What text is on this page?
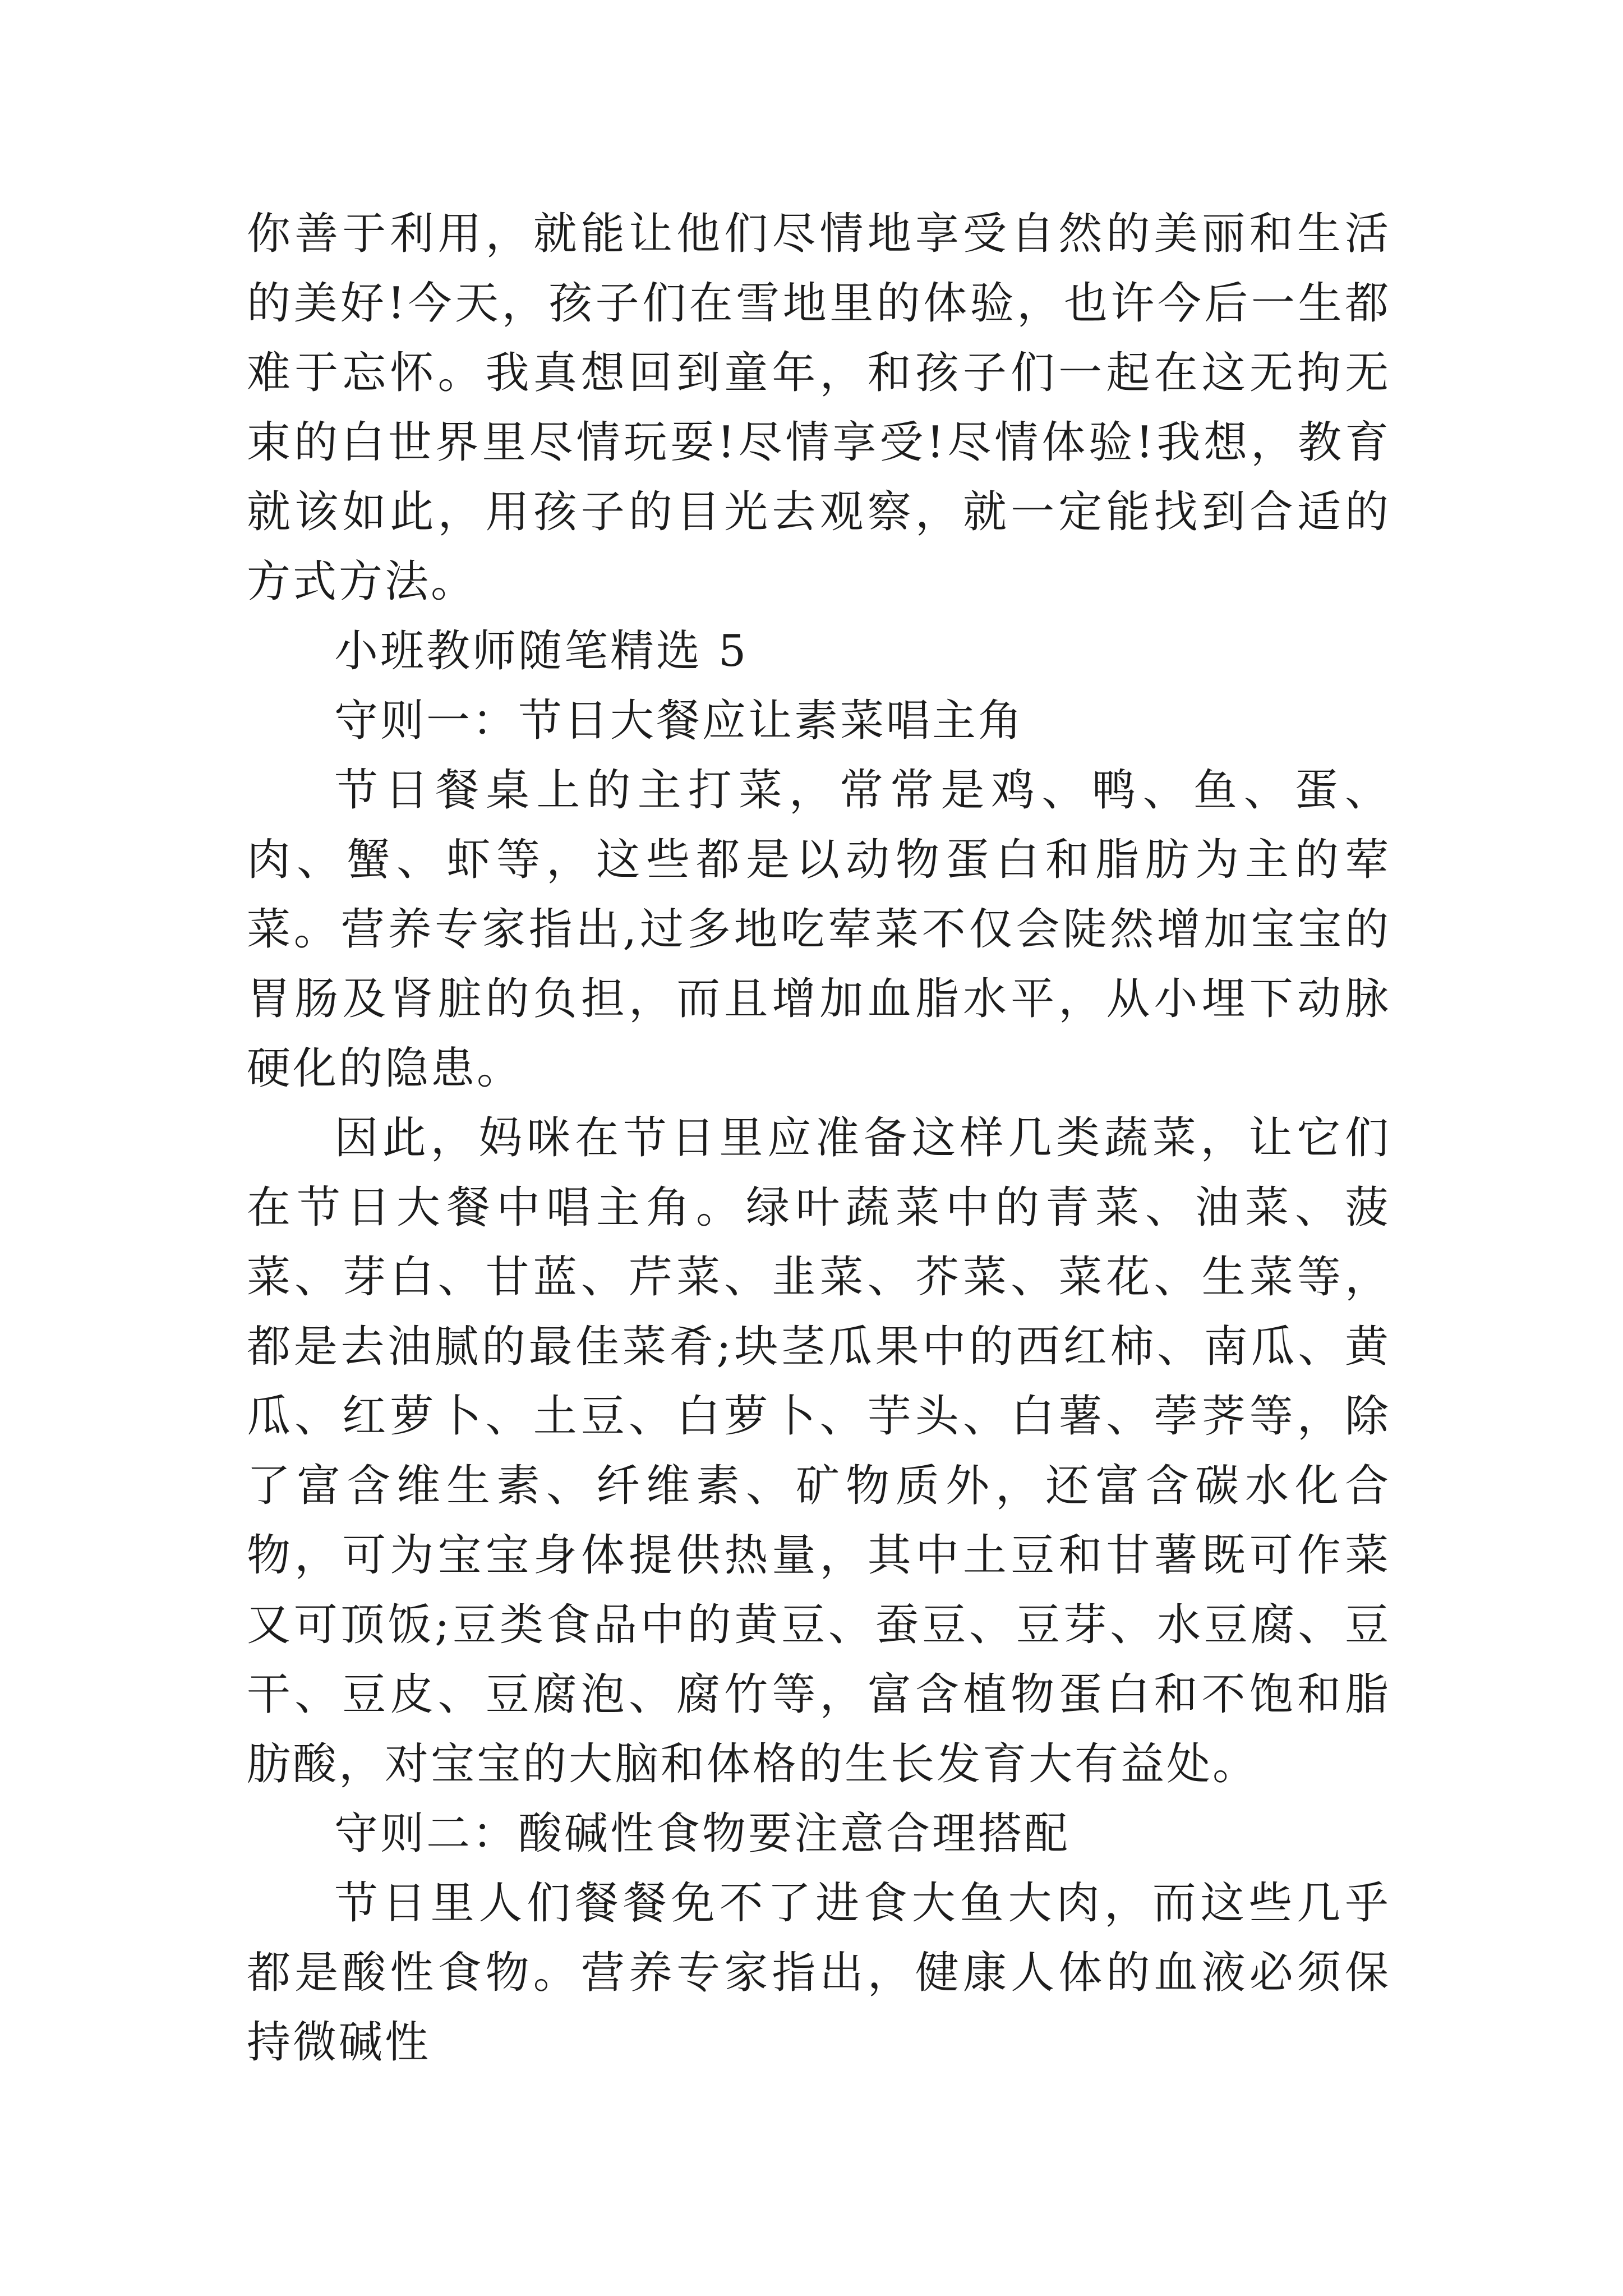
你善于利用，就能让他们尽情地享受自然的美丽和生活的美好!今天，孩子们在雪地里的体验，也许今后一生都难于忘怀。我真想回到童年，和孩子们一起在这无拘无束的白世界里尽情玩耍!尽情享受!尽情体验!我想，教育就该如此，用孩子的目光去观察，就一定能找到合适的方式方法。

小班教师随笔精选 5

守则一：节日大餐应让素菜唱主角

节日餐桌上的主打菜，常常是鸡、鸭、鱼、蛋、肉、蟹、虾等，这些都是以动物蛋白和脂肪为主的荤菜。营养专家指出,过多地吃荤菜不仅会陡然增加宝宝的胃肠及肾脏的负担，而且增加血脂水平，从小埋下动脉硬化的隐患。

因此，妈咪在节日里应准备这样几类蔬菜，让它们在节日大餐中唱主角。绿叶蔬菜中的青菜、油菜、菠菜、芽白、甘蓝、芹菜、韭菜、芥菜、菜花、生菜等，都是去油腻的最佳菜肴;块茎瓜果中的西红柿、南瓜、黄瓜、红萝卜、土豆、白萝卜、芋头、白薯、荸荠等，除了富含维生素、纤维素、矿物质外，还富含碳水化合物，可为宝宝身体提供热量，其中土豆和甘薯既可作菜又可顶饭;豆类食品中的黄豆、蚕豆、豆芽、水豆腐、豆干、豆皮、豆腐泡、腐竹等，富含植物蛋白和不饱和脂肪酸，对宝宝的大脑和体格的生长发育大有益处。

守则二：酸碱性食物要注意合理搭配

节日里人们餐餐免不了进食大鱼大肉，而这些几乎都是酸性食物。营养专家指出，健康人体的血液必须保持微碱性
